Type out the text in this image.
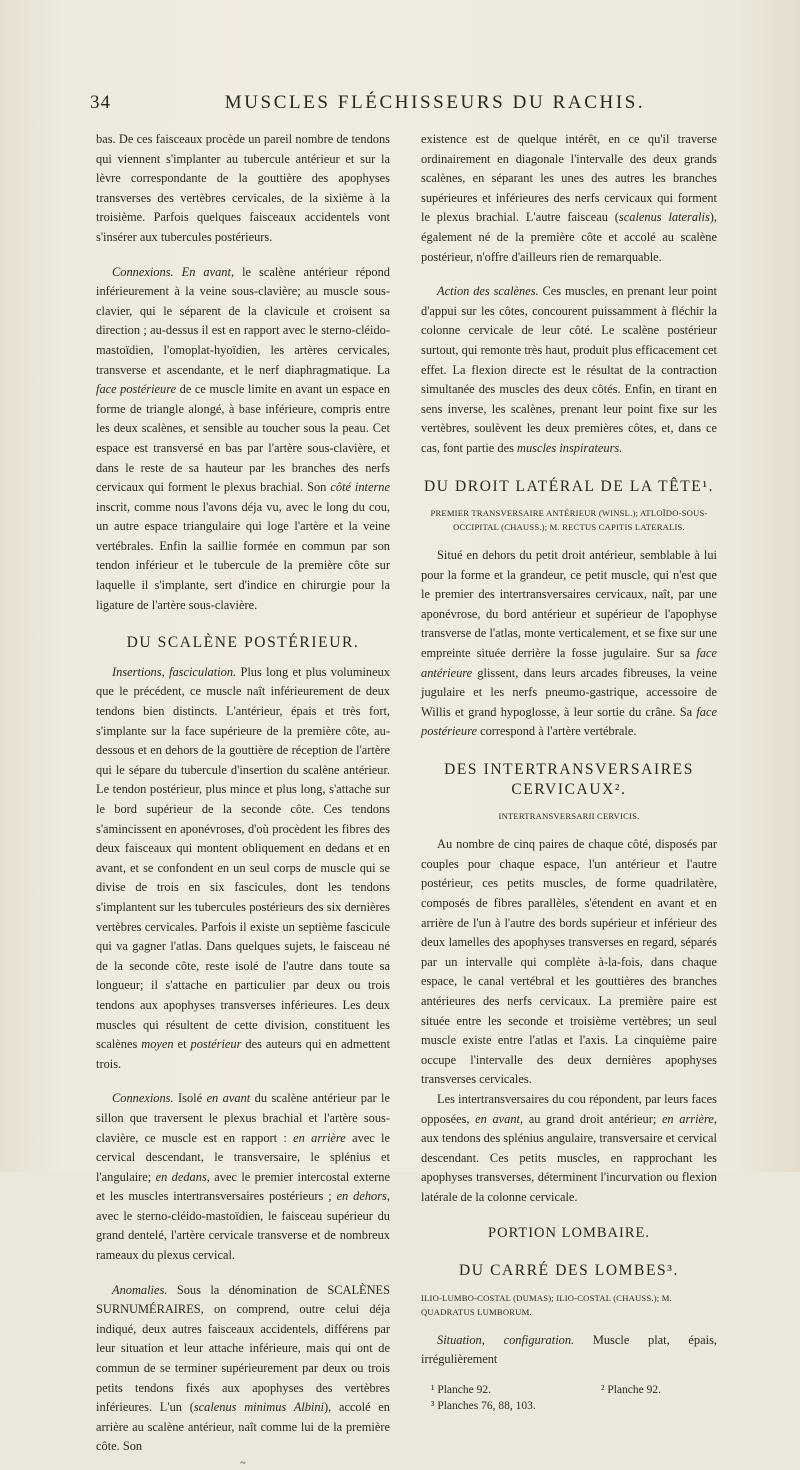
34	MUSCLES FLÉCHISSEURS DU RACHIS.

bas. De ces faisceaux procède un pareil nombre de tendons qui viennent s'implanter au tubercule antérieur et sur la lèvre correspondante de la gouttière des apophyses transverses des vertèbres cervicales, de la sixième à la troisième. Parfois quelques faisceaux accidentels vont s'insérer aux tubercules postérieurs.

Connexions. En avant, le scalène antérieur répond inférieurement à la veine sous-clavière; au muscle sous-clavier, qui le séparent de la clavicule et croisent sa direction ; au-dessus il est en rapport avec le sterno-cléido-mastoïdien, l'omoplat-hyoïdien, les artères cervicales, transverse et ascendante, et le nerf diaphragmatique. La face postérieure de ce muscle limite en avant un espace en forme de triangle alongé, à base inférieure, compris entre les deux scalènes, et sensible au toucher sous la peau. Cet espace est transversé en bas par l'artère sous-clavière, et dans le reste de sa hauteur par les branches des nerfs cervicaux qui forment le plexus brachial. Son côté interne inscrit, comme nous l'avons déja vu, avec le long du cou, un autre espace triangulaire qui loge l'artère et la veine vertébrales. Enfin la saillie formée en commun par son tendon inférieur et le tubercule de la première côte sur laquelle il s'implante, sert d'indice en chirurgie pour la ligature de l'artère sous-clavière.

DU SCALÈNE POSTÉRIEUR.

Insertions, fasciculation. Plus long et plus volumineux que le précédent, ce muscle naît inférieurement de deux tendons bien distincts. L'antérieur, épais et très fort, s'implante sur la face supérieure de la première côte, au-dessous et en dehors de la gouttière de réception de l'artère qui le sépare du tubercule d'insertion du scalène antérieur. Le tendon postérieur, plus mince et plus long, s'attache sur le bord supérieur de la seconde côte. Ces tendons s'amincissent en aponévroses, d'où procèdent les fibres des deux faisceaux qui montent obliquement en dedans et en avant, et se confondent en un seul corps de muscle qui se divise de trois en six fascicules, dont les tendons s'implantent sur les tubercules postérieurs des six dernières vertèbres cervicales. Parfois il existe un septième fascicule qui va gagner l'atlas. Dans quelques sujets, le faisceau né de la seconde côte, reste isolé de l'autre dans toute sa longueur; il s'attache en particulier par deux ou trois tendons aux apophyses transverses inférieures. Les deux muscles qui résultent de cette division, constituent les scalènes moyen et postérieur des auteurs qui en admettent trois.

Connexions. Isolé en avant du scalène antérieur par le sillon que traversent le plexus brachial et l'artère sous-clavière, ce muscle est en rapport : en arrière avec le cervical descendant, le transversaire, le splénius et l'angulaire; en dedans, avec le premier intercostal externe et les muscles intertransversaires postérieurs ; en dehors, avec le sterno-cléido-mastoïdien, le faisceau supérieur du grand dentelé, l'artère cervicale transverse et de nombreux rameaux du plexus cervical.

Anomalies. Sous la dénomination de SCALÈNES SURNUMÉRAIRES, on comprend, outre celui déja indiqué, deux autres faisceaux accidentels, différens par leur situation et leur attache inférieure, mais qui ont de commun de se terminer supérieurement par deux ou trois petits tendons fixés aux apophyses des vertèbres inférieures. L'un (scalenus minimus Albini), accolé en arrière au scalène antérieur, naît comme lui de la première côte. Son

~

existence est de quelque intérêt, en ce qu'il traverse ordinairement en diagonale l'intervalle des deux grands scalènes, en séparant les unes des autres les branches supérieures et inférieures des nerfs cervicaux qui forment le plexus brachial. L'autre faisceau (scalenus lateralis), également né de la première côte et accolé au scalène postérieur, n'offre d'ailleurs rien de remarquable.

Action des scalènes. Ces muscles, en prenant leur point d'appui sur les côtes, concourent puissamment à fléchir la colonne cervicale de leur côté. Le scalène postérieur surtout, qui remonte très haut, produit plus efficacement cet effet. La flexion directe est le résultat de la contraction simultanée des muscles des deux côtés. Enfin, en tirant en sens inverse, les scalènes, prenant leur point fixe sur les vertèbres, soulèvent les deux premières côtes, et, dans ce cas, font partie des muscles inspirateurs.

DU DROIT LATÉRAL DE LA TÊTE¹.

PREMIER TRANSVERSAIRE ANTÉRIEUR (WINSL.); ATLOÏDO-SOUS-OCCIPITAL (CHAUSS.); M. RECTUS CAPITIS LATERALIS.

Situé en dehors du petit droit antérieur, semblable à lui pour la forme et la grandeur, ce petit muscle, qui n'est que le premier des intertransversaires cervicaux, naît, par une aponévrose, du bord antérieur et supérieur de l'apophyse transverse de l'atlas, monte verticalement, et se fixe sur une empreinte située derrière la fosse jugulaire. Sur sa face antérieure glissent, dans leurs arcades fibreuses, la veine jugulaire et les nerfs pneumo-gastrique, accessoire de Willis et grand hypoglosse, à leur sortie du crâne. Sa face postérieure correspond à l'artère vertébrale.

DES INTERTRANSVERSAIRES CERVICAUX².

INTERTRANSVERSARII CERVICIS.

Au nombre de cinq paires de chaque côté, disposés par couples pour chaque espace, l'un antérieur et l'autre postérieur, ces petits muscles, de forme quadrilatère, composés de fibres parallèles, s'étendent en avant et en arrière de l'un à l'autre des bords supérieur et inférieur des deux lamelles des apophyses transverses en regard, séparés par un intervalle qui complète à-la-fois, dans chaque espace, le canal vertébral et les gouttières des branches antérieures des nerfs cervicaux. La première paire est située entre les seconde et troisième vertèbres; un seul muscle existe entre l'atlas et l'axis. La cinquième paire occupe l'intervalle des deux dernières apophyses transverses cervicales.

Les intertransversaires du cou répondent, par leurs faces opposées, en avant, au grand droit antérieur; en arrière, aux tendons des splénius angulaire, transversaire et cervical descendant. Ces petits muscles, en rapprochant les apophyses transverses, déterminent l'incurvation ou flexion latérale de la colonne cervicale.

PORTION LOMBAIRE.
DU CARRÉ DES LOMBES³.

ILIO-LUMBO-COSTAL (DUMAS); ILIO-COSTAL (CHAUSS.); M. QUADRATUS LUMBORUM.

Situation, configuration. Muscle plat, épais, irrégulièrement

¹ Planche 92.	² Planche 92.
³ Planches 76, 88, 103.
